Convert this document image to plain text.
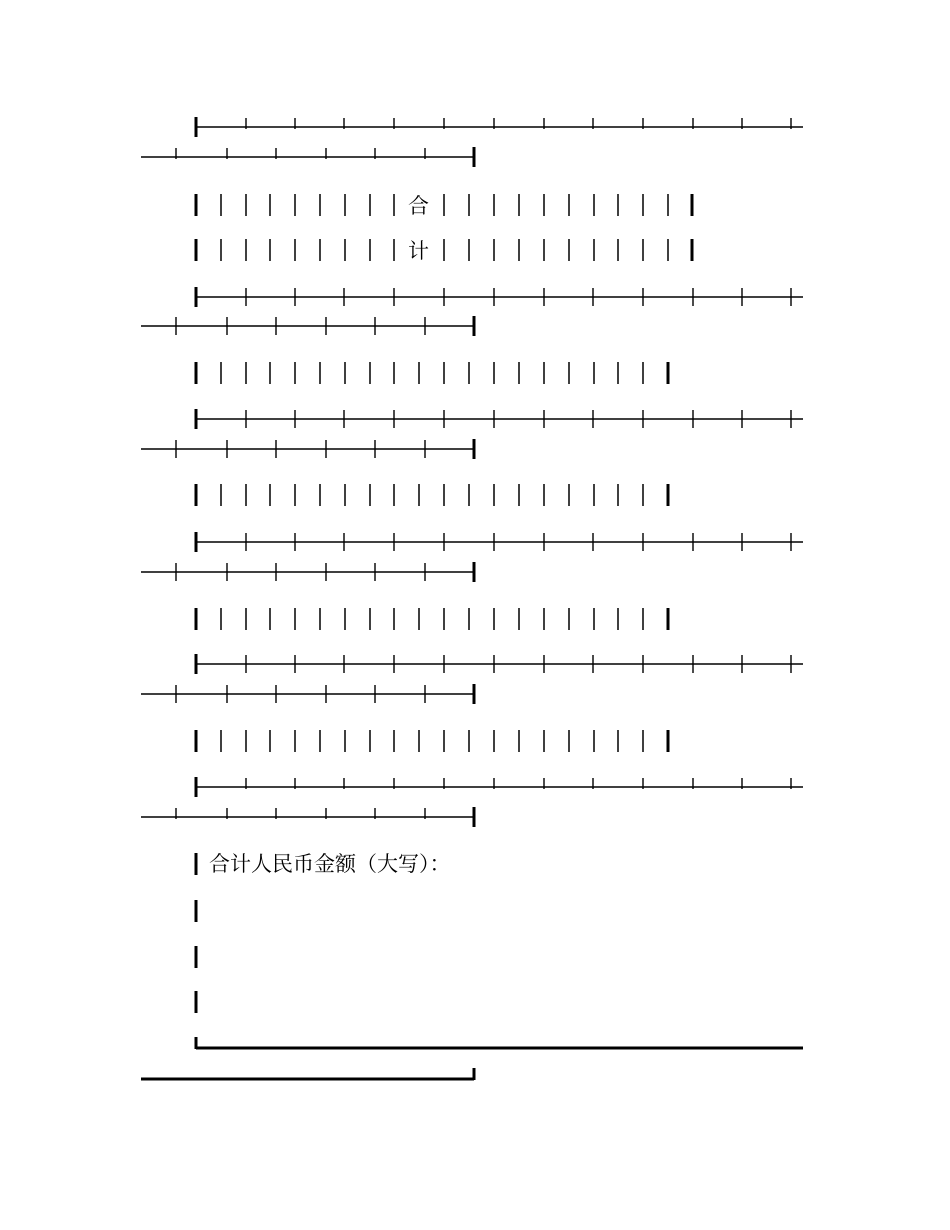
合
计
合计人民币金额（大写）：
